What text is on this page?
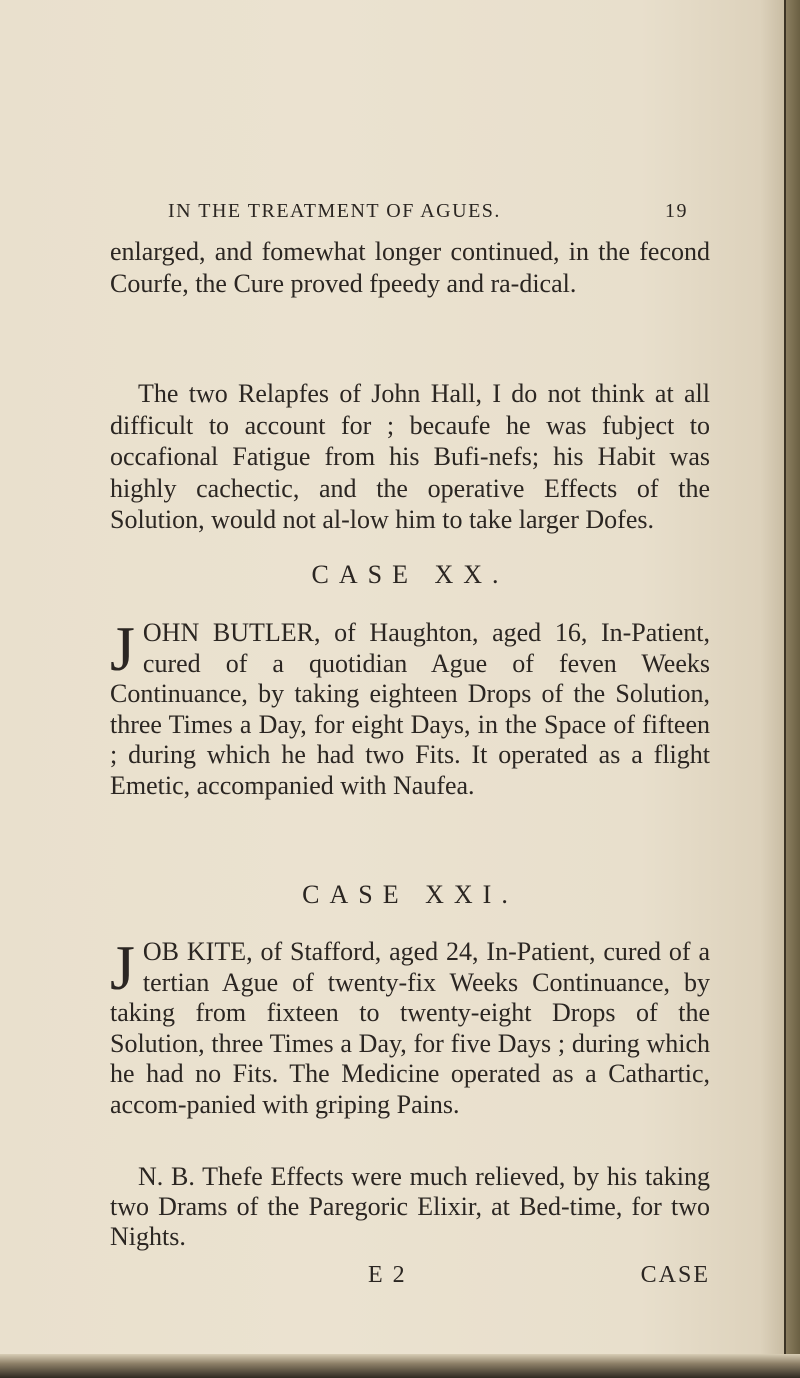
IN THE TREATMENT OF AGUES.	19
enlarged, and fomewhat longer continued, in the fecond Courfe, the Cure proved fpeedy and ra-dical.
The two Relapfes of John Hall, I do not think at all difficult to account for ; becaufe he was fubject to occafional Fatigue from his Bufi-nefs; his Habit was highly cachectic, and the operative Effects of the Solution, would not al-low him to take larger Dofes.
CASE XX.
J OHN BUTLER, of Haughton, aged 16, In-Patient, cured of a quotidian Ague of feven Weeks Continuance, by taking eighteen Drops of the Solution, three Times a Day, for eight Days, in the Space of fifteen ; during which he had two Fits. It operated as a flight Emetic, accompanied with Naufea.
CASE XXI.
J OB KITE, of Stafford, aged 24, In-Patient, cured of a tertian Ague of twenty-fix Weeks Continuance, by taking from fixteen to twenty-eight Drops of the Solution, three Times a Day, for five Days ; during which he had no Fits. The Medicine operated as a Cathartic, accom-panied with griping Pains.
N. B. Thefe Effects were much relieved, by his taking two Drams of the Paregoric Elixir, at Bed-time, for two Nights.
E 2	CASE
